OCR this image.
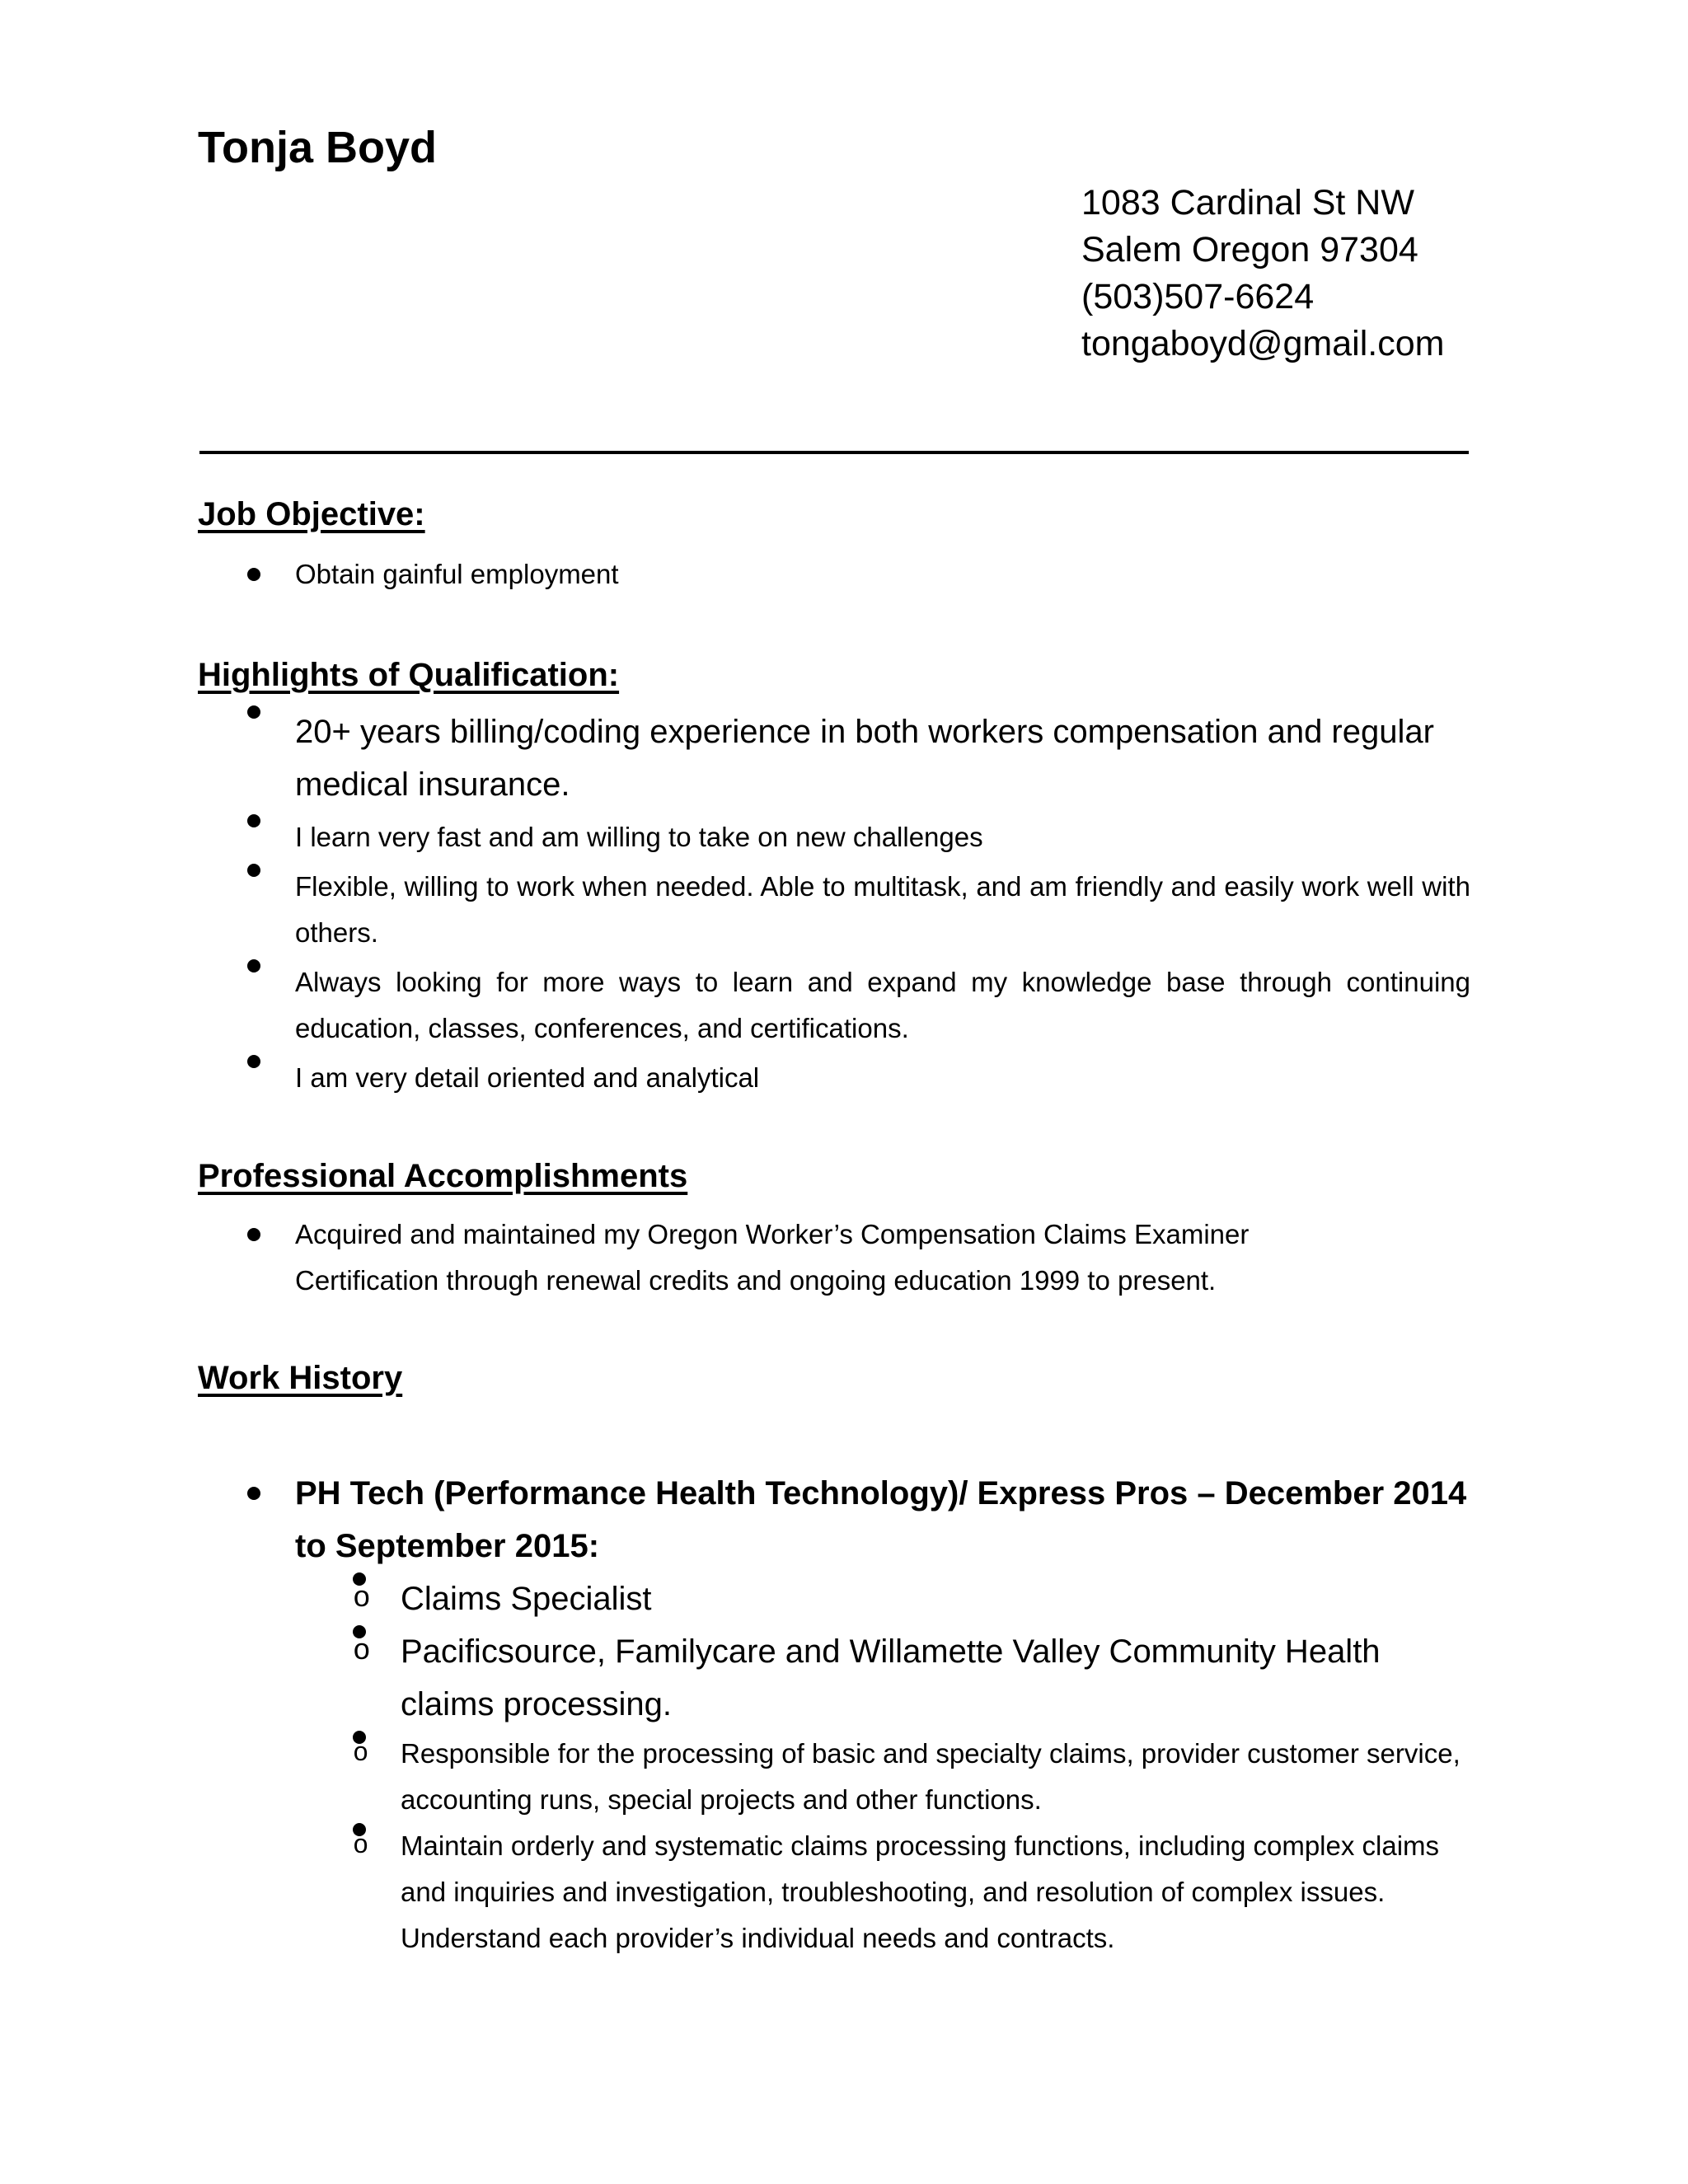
Tonja Boyd
1083 Cardinal St NW
Salem Oregon 97304
(503)507-6624
tongaboyd@gmail.com
Job Objective:
Obtain gainful employment
Highlights of Qualification:
20+ years billing/coding experience in both workers compensation and regular medical insurance.
I learn very fast and am willing to take on new challenges
Flexible, willing to work when needed. Able to multitask, and am friendly and easily work well with others.
Always looking for more ways to learn and expand my knowledge base through continuing education, classes, conferences, and certifications.
I am very detail oriented and analytical
Professional Accomplishments
Acquired and maintained my Oregon Worker’s Compensation Claims Examiner Certification through renewal credits and ongoing education 1999 to present.
Work History
PH Tech (Performance Health Technology)/ Express Pros – December 2014 to September 2015:
o Claims Specialist
o Pacificsource, Familycare and Willamette Valley Community Health claims processing.
o Responsible for the processing of basic and specialty claims, provider customer service, accounting runs, special projects and other functions.
o Maintain orderly and systematic claims processing functions, including complex claims and inquiries and investigation, troubleshooting, and resolution of complex issues. Understand each provider’s individual needs and contracts.
